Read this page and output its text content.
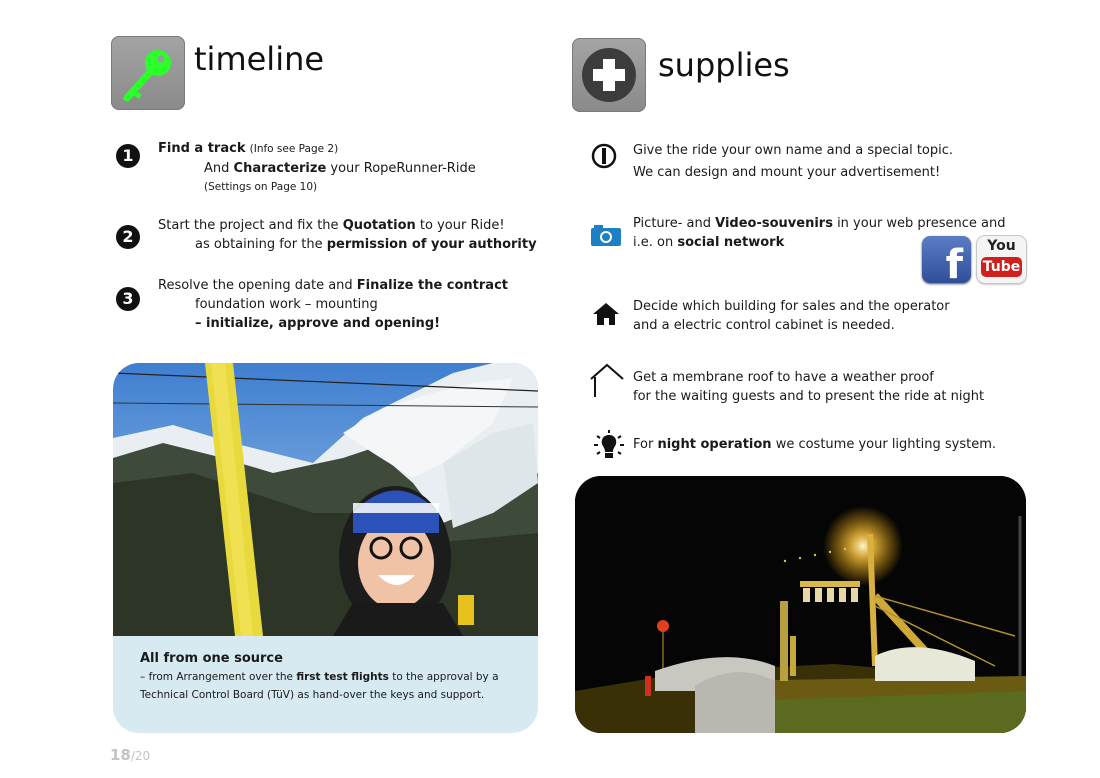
timeline
1	Find a track (Info see Page 2)
And Characterize your RopeRunner-Ride
(Settings on Page 10)
2
Start the project and fix the Quotation to your Ride!
as obtaining for the permission of your authority
3
Resolve the opening date and Finalize the contract
foundation work – mounting
– initialize, approve and opening!
All from one source
– from Arrangement over the first test flights to the approval by a
Technical Control Board (TüV) as hand-over the keys and support.
18/20
supplies
Give the ride your own name and a special topic.
We can design and mount your advertisement!
Picture- and Video-souvenirs in your web presence and
i.e. on social network	f	You
Tube
Decide which building for sales and the operator
and a electric control cabinet is needed.
Get a membrane roof to have a weather proof
for the waiting guests and to present the ride at night
For night operation we costume your lighting system.
